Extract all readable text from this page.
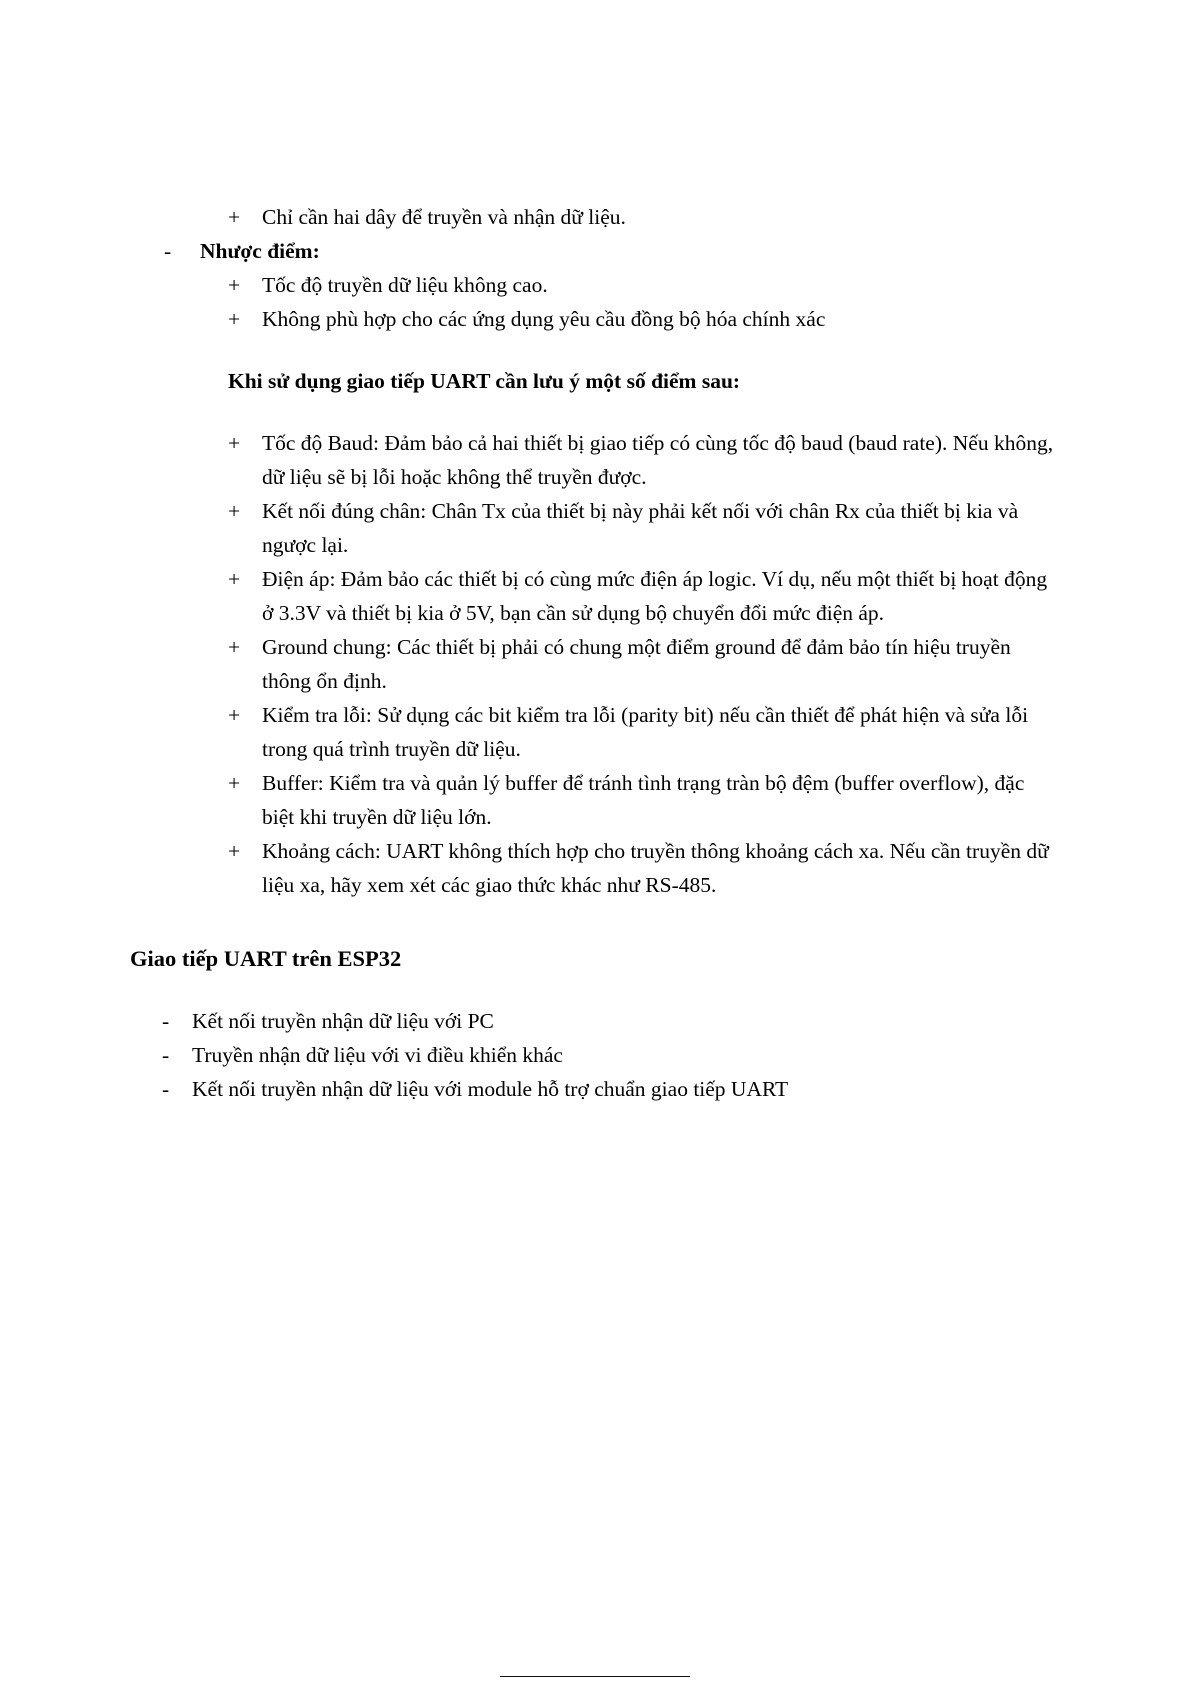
+	Chỉ cần hai dây để truyền và nhận dữ liệu.
-	Nhược điểm:
+	Tốc độ truyền dữ liệu không cao.
+	Không phù hợp cho các ứng dụng yêu cầu đồng bộ hóa chính xác
Khi sử dụng giao tiếp UART cần lưu ý một số điểm sau:
+	Tốc độ Baud: Đảm bảo cả hai thiết bị giao tiếp có cùng tốc độ baud (baud rate). Nếu không, dữ liệu sẽ bị lỗi hoặc không thể truyền được.
+	Kết nối đúng chân: Chân Tx của thiết bị này phải kết nối với chân Rx của thiết bị kia và ngược lại.
+	Điện áp: Đảm bảo các thiết bị có cùng mức điện áp logic. Ví dụ, nếu một thiết bị hoạt động ở 3.3V và thiết bị kia ở 5V, bạn cần sử dụng bộ chuyển đổi mức điện áp.
+	Ground chung: Các thiết bị phải có chung một điểm ground để đảm bảo tín hiệu truyền thông ổn định.
+	Kiểm tra lỗi: Sử dụng các bit kiểm tra lỗi (parity bit) nếu cần thiết để phát hiện và sửa lỗi trong quá trình truyền dữ liệu.
+	Buffer: Kiểm tra và quản lý buffer để tránh tình trạng tràn bộ đệm (buffer overflow), đặc biệt khi truyền dữ liệu lớn.
+	Khoảng cách: UART không thích hợp cho truyền thông khoảng cách xa. Nếu cần truyền dữ liệu xa, hãy xem xét các giao thức khác như RS-485.
Giao tiếp UART trên ESP32
-	Kết nối truyền nhận dữ liệu với PC
-	Truyền nhận dữ liệu với vi điều khiển khác
-	Kết nối truyền nhận dữ liệu với module hỗ trợ chuẩn giao tiếp UART
